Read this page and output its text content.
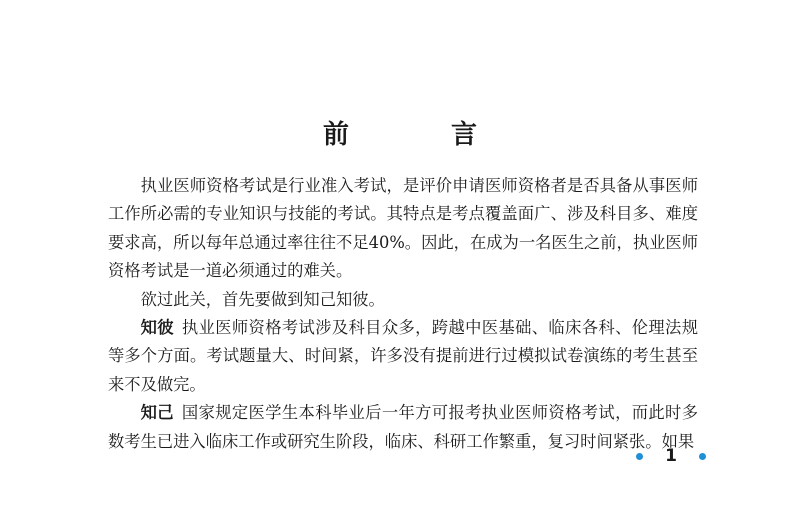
前　言

执业医师资格考试是行业准入考试，是评价申请医师资格者是否具备从事医师工作所必需的专业知识与技能的考试。其特点是考点覆盖面广、涉及科目多、难度要求高，所以每年总通过率往往不足40%。因此，在成为一名医生之前，执业医师资格考试是一道必须通过的难关。

欲过此关，首先要做到知己知彼。

知彼 执业医师资格考试涉及科目众多，跨越中医基础、临床各科、伦理法规等多个方面。考试题量大、时间紧，许多没有提前进行过模拟试卷演练的考生甚至来不及做完。

知己 国家规定医学生本科毕业后一年方可报考执业医师资格考试，而此时多数考生已进入临床工作或研究生阶段，临床、科研工作繁重，复习时间紧张。如果

1
